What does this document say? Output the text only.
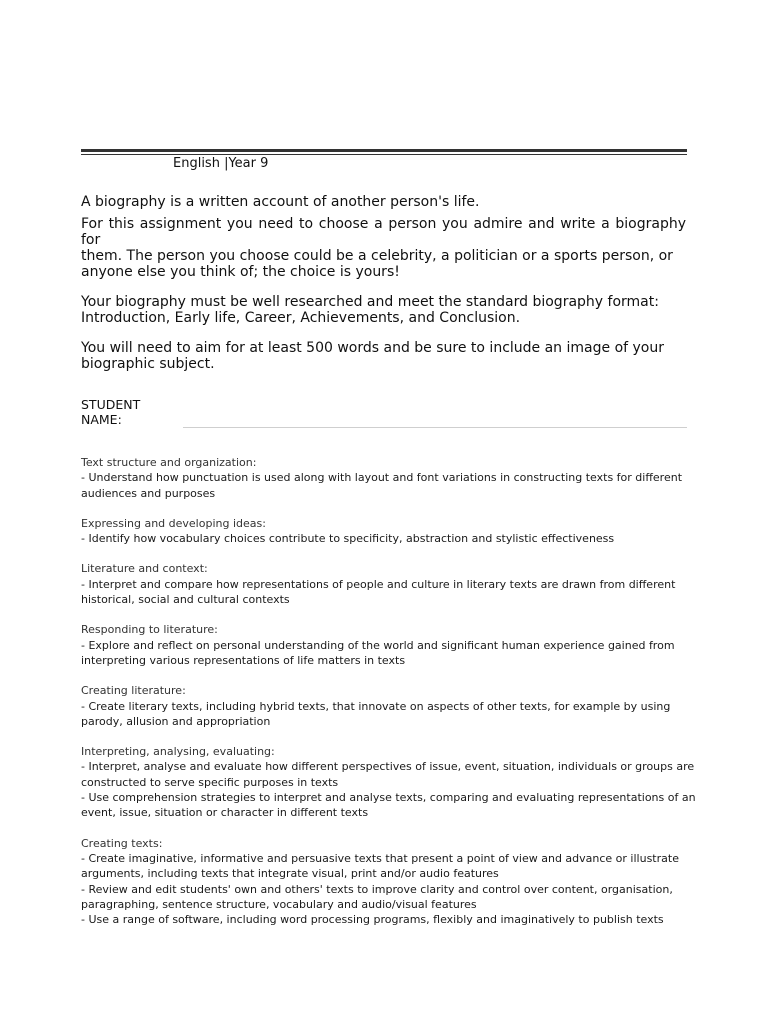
English |Year 9

A biography is a written account of another person's life.

For this assignment you need to choose a person you admire and write a biography for
them. The person you choose could be a celebrity, a politician or a sports person, or
anyone else you think of; the choice is yours!

Your biography must be well researched and meet the standard biography format:
Introduction, Early life, Career, Achievements, and Conclusion.

You will need to aim for at least 500 words and be sure to include an image of your
biographic subject.

STUDENT
NAME:
Text structure and organization:
- Understand how punctuation is used along with layout and font variations in constructing texts for different
audiences and purposes
Expressing and developing ideas:
- Identify how vocabulary choices contribute to specificity, abstraction and stylistic effectiveness
Literature and context:
- Interpret and compare how representations of people and culture in literary texts are drawn from different
historical, social and cultural contexts
Responding to literature:
- Explore and reflect on personal understanding of the world and significant human experience gained from
interpreting various representations of life matters in texts
Creating literature:
- Create literary texts, including hybrid texts, that innovate on aspects of other texts, for example by using
parody, allusion and appropriation
Interpreting, analysing, evaluating:
- Interpret, analyse and evaluate how different perspectives of issue, event, situation, individuals or groups are
constructed to serve specific purposes in texts
- Use comprehension strategies to interpret and analyse texts, comparing and evaluating representations of an
event, issue, situation or character in different texts
Creating texts:
- Create imaginative, informative and persuasive texts that present a point of view and advance or illustrate
arguments, including texts that integrate visual, print and/or audio features
- Review and edit students' own and others' texts to improve clarity and control over content, organisation,
paragraphing, sentence structure, vocabulary and audio/visual features
- Use a range of software, including word processing programs, flexibly and imaginatively to publish texts
